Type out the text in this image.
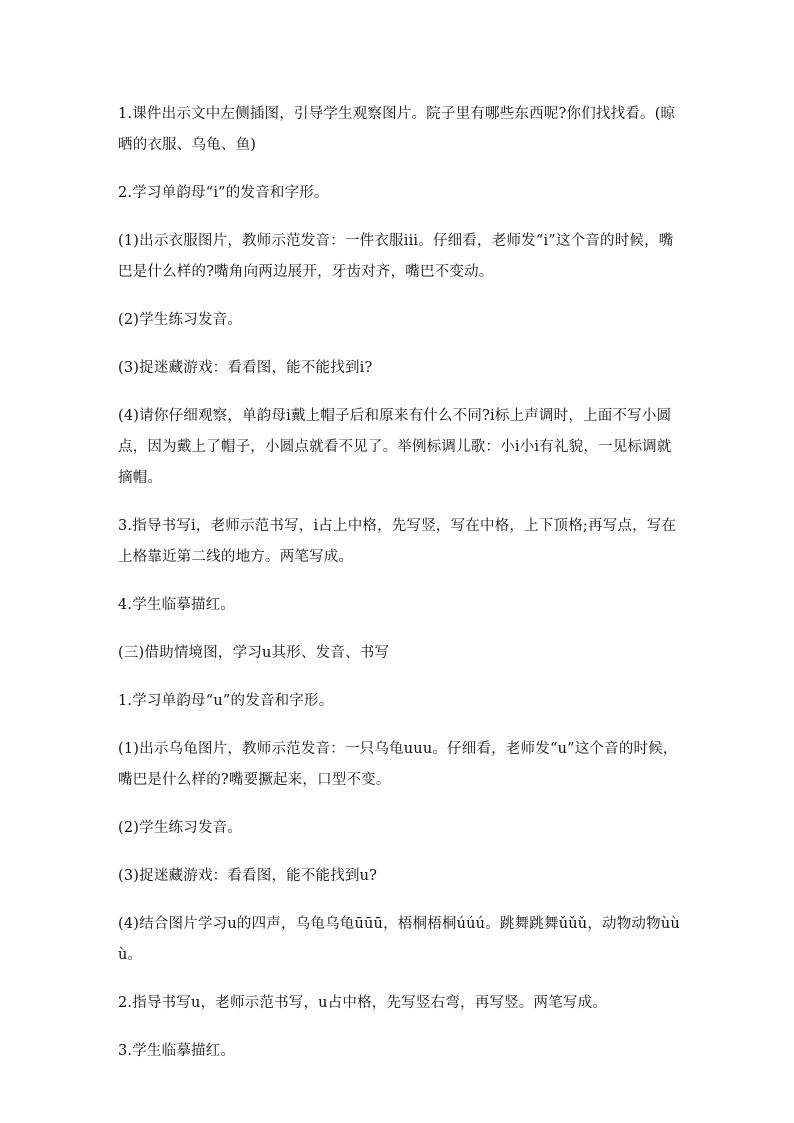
1.课件出示文中左侧插图，引导学生观察图片。院子里有哪些东西呢?你们找找看。(晾晒的衣服、乌龟、鱼)

2.学习单韵母“i”的发音和字形。

(1)出示衣服图片，教师示范发音：一件衣服iii。仔细看，老师发“i”这个音的时候，嘴巴是什么样的?嘴角向两边展开，牙齿对齐，嘴巴不变动。

(2)学生练习发音。

(3)捉迷藏游戏：看看图，能不能找到i?

(4)请你仔细观察，单韵母i戴上帽子后和原来有什么不同?i标上声调时，上面不写小圆点，因为戴上了帽子，小圆点就看不见了。举例标调儿歌：小i小i有礼貌，一见标调就摘帽。

3.指导书写i，老师示范书写，i占上中格，先写竖，写在中格，上下顶格;再写点，写在上格靠近第二线的地方。两笔写成。

4.学生临摹描红。

(三)借助情境图，学习u其形、发音、书写

1.学习单韵母“u”的发音和字形。

(1)出示乌龟图片，教师示范发音：一只乌龟uuu。仔细看，老师发“u”这个音的时候，嘴巴是什么样的?嘴要撅起来，口型不变。

(2)学生练习发音。

(3)捉迷藏游戏：看看图，能不能找到u?

(4)结合图片学习u的四声，乌龟乌龟ūūū，梧桐梧桐úúú。跳舞跳舞ǔǔǔ，动物动物ùùù。

2.指导书写u，老师示范书写，u占中格，先写竖右弯，再写竖。两笔写成。

3.学生临摹描红。
